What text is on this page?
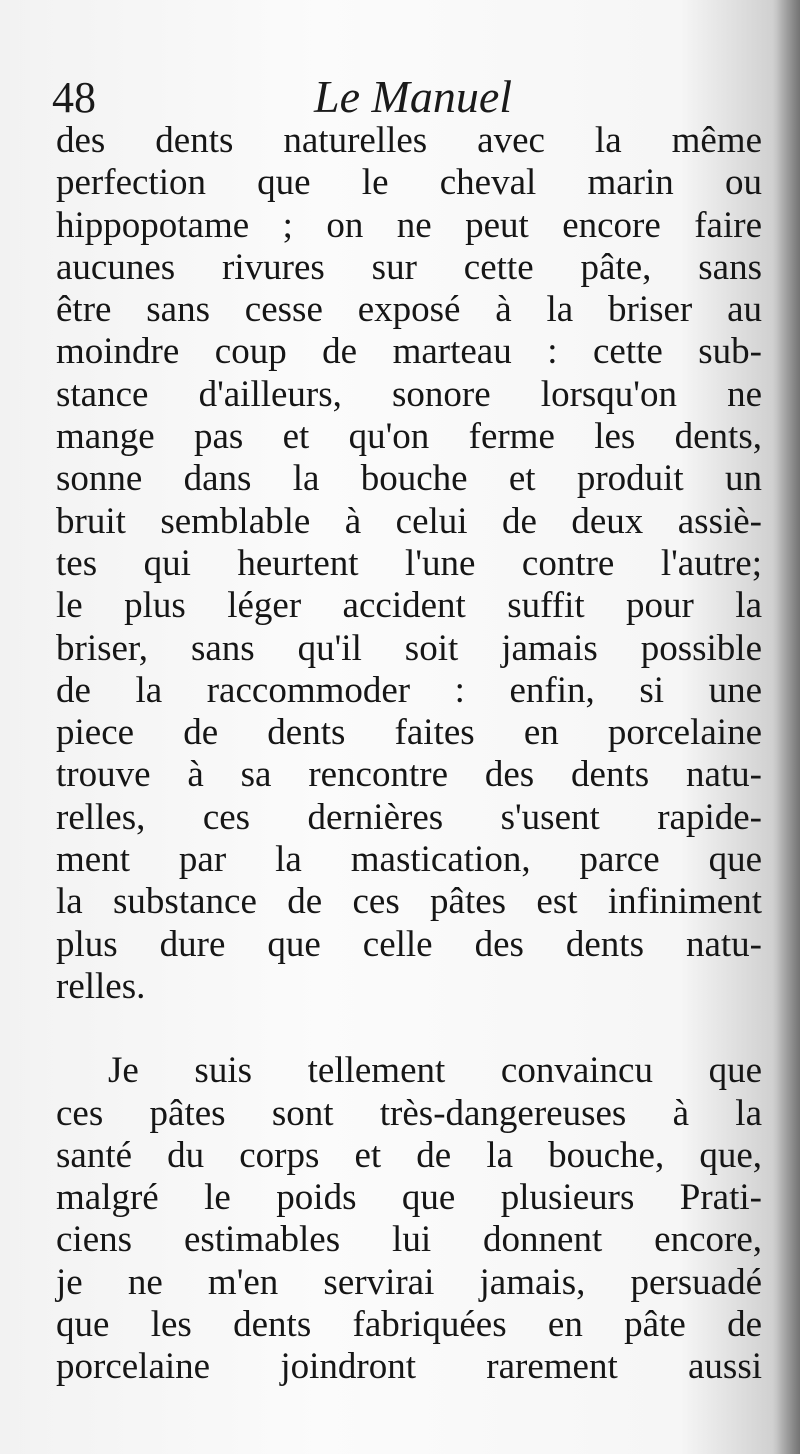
48	Le Manuel
des dents naturelles avec la même
perfection que le cheval marin ou
hippopotame ; on ne peut encore faire
aucunes rivures sur cette pâte, sans
être sans cesse exposé à la briser au
moindre coup de marteau : cette sub-
stance d'ailleurs, sonore lorsqu'on ne
mange pas et qu'on ferme les dents,
sonne dans la bouche et produit un
bruit semblable à celui de deux assiè-
tes qui heurtent l'une contre l'autre;
le plus léger accident suffit pour la
briser, sans qu'il soit jamais possible
de la raccommoder : enfin, si une
piece de dents faites en porcelaine
trouve à sa rencontre des dents natu-
relles, ces dernières s'usent rapide-
ment par la mastication, parce que
la substance de ces pâtes est infiniment
plus dure que celle des dents natu-
relles.
Je suis tellement convaincu que
ces pâtes sont très-dangereuses à la
santé du corps et de la bouche, que,
malgré le poids que plusieurs Prati-
ciens estimables lui donnent encore,
je ne m'en servirai jamais, persuadé
que les dents fabriquées en pâte de
porcelaine joindront rarement aussi
